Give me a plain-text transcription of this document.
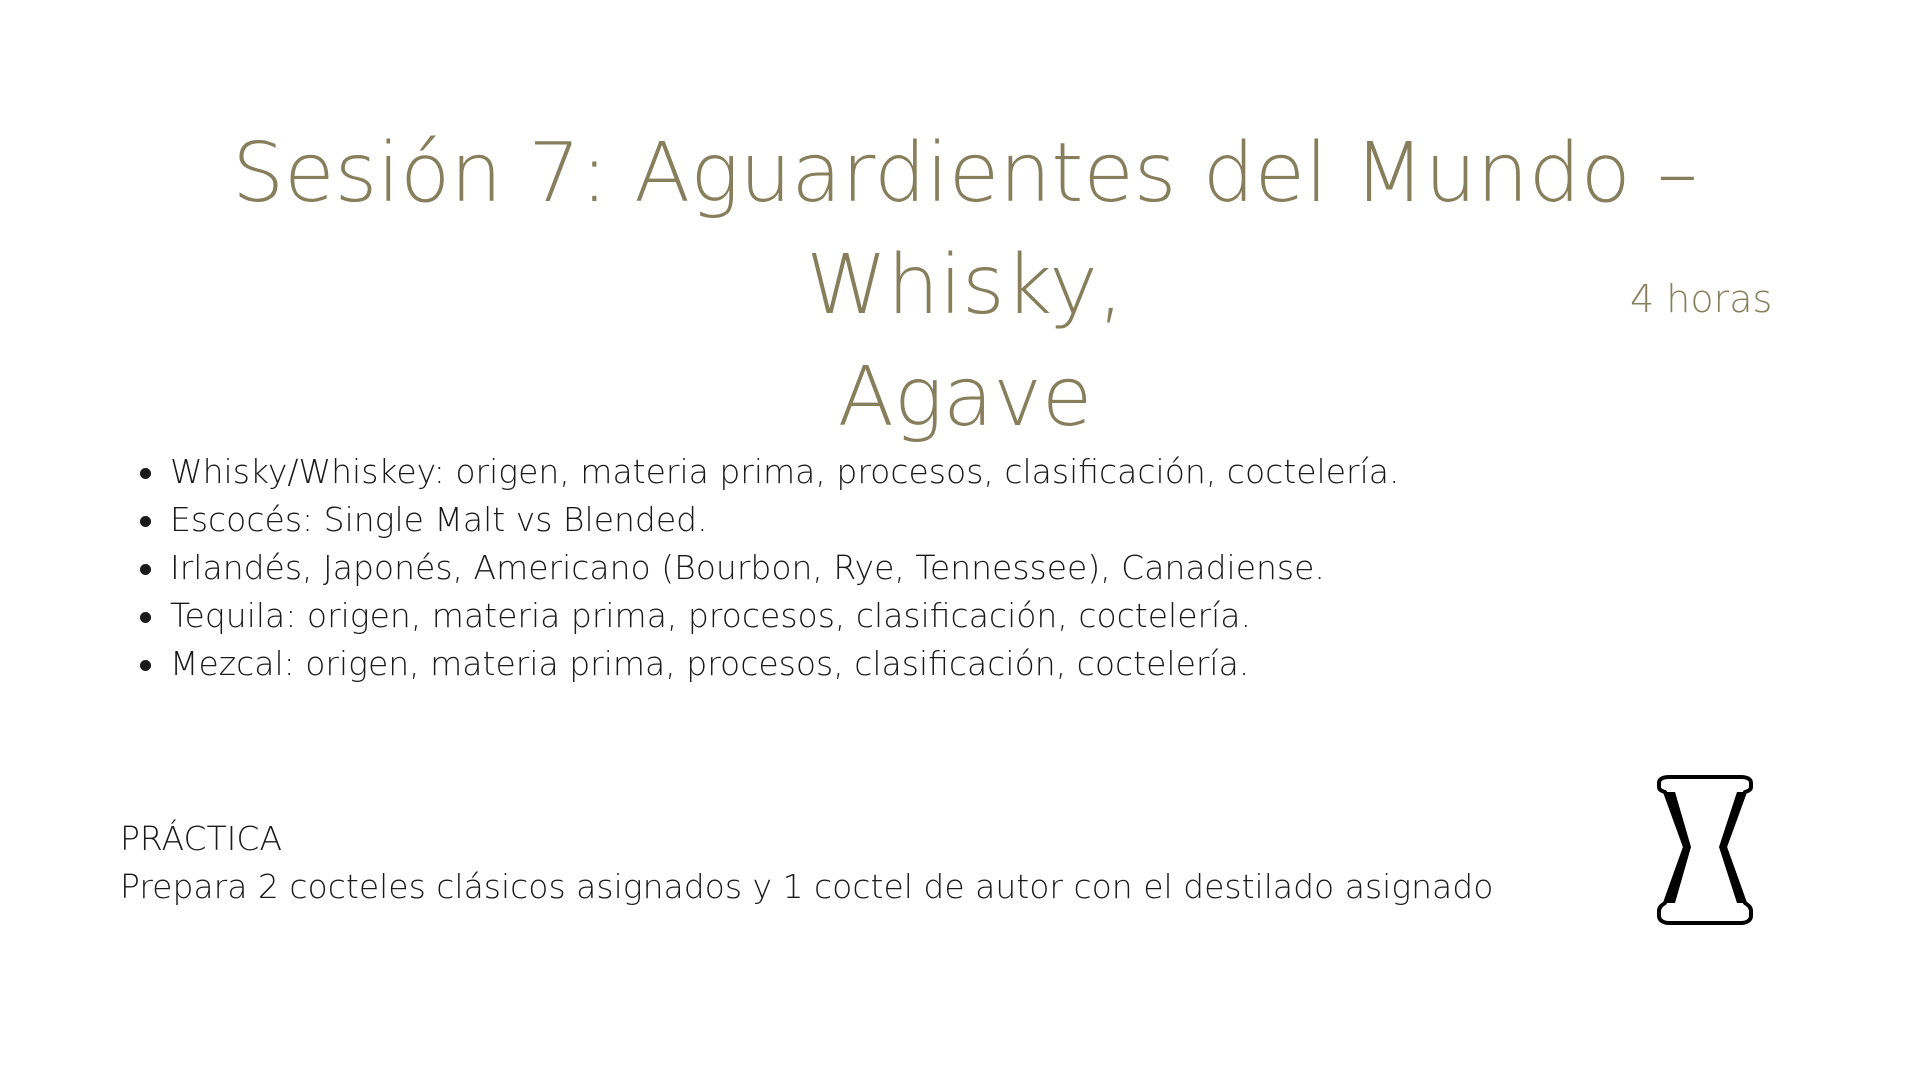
Sesión 7: Aguardientes del Mundo – Whisky,
Agave
4 horas
Whisky/Whiskey: origen, materia prima, procesos, clasificación, coctelería.
Escocés: Single Malt vs Blended.
Irlandés, Japonés, Americano (Bourbon, Rye, Tennessee), Canadiense.
Tequila: origen, materia prima, procesos, clasificación, coctelería.
Mezcal: origen, materia prima, procesos, clasificación, coctelería.
PRÁCTICA
Prepara 2 cocteles clásicos asignados y 1 coctel de autor con el destilado asignado
